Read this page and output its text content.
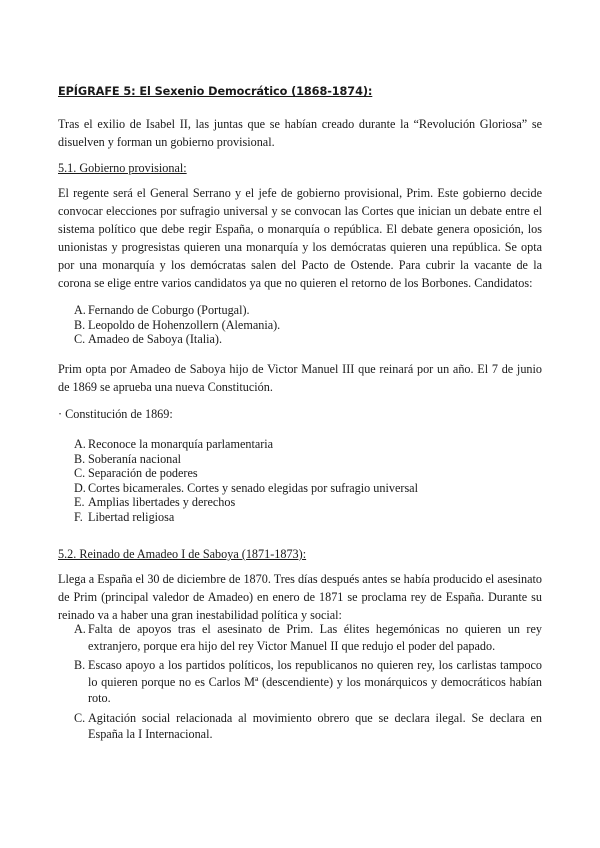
EPÍGRAFE 5: El Sexenio Democrático (1868-1874):

Tras el exilio de Isabel II, las juntas que se habían creado durante la “Revolución Gloriosa” se disuelven y forman un gobierno provisional.

5.1. Gobierno provisional:

El regente será el General Serrano y el jefe de gobierno provisional, Prim. Este gobierno decide convocar elecciones por sufragio universal y se convocan las Cortes que inician un debate entre el sistema político que debe regir España, o monarquía o república. El debate genera oposición, los unionistas y progresistas quieren una monarquía y los demócratas quieren una república. Se opta por una monarquía y los demócratas salen del Pacto de Ostende. Para cubrir la vacante de la corona se elige entre varios candidatos ya que no quieren el retorno de los Borbones. Candidatos:

A. Fernando de Coburgo (Portugal).
B. Leopoldo de Hohenzollern (Alemania).
C. Amadeo de Saboya (Italia).

Prim opta por Amadeo de Saboya hijo de Victor Manuel III que reinará por un año. El 7 de junio de 1869 se aprueba una nueva Constitución.

· Constitución de 1869:
A. Reconoce la monarquía parlamentaria
B. Soberanía nacional
C. Separación de poderes
D. Cortes bicamerales. Cortes y senado elegidas por sufragio universal
E. Amplias libertades y derechos
F. Libertad religiosa
5.2. Reinado de Amadeo I de Saboya (1871-1873):

Llega a España el 30 de diciembre de 1870. Tres días después antes se había producido el asesinato de Prim (principal valedor de Amadeo) en enero de 1871 se proclama rey de España. Durante su reinado va a haber una gran inestabilidad política y social:

A. Falta de apoyos tras el asesinato de Prim. Las élites hegemónicas no quieren un rey extranjero, porque era hijo del rey Victor Manuel II que redujo el poder del papado.
B. Escaso apoyo a los partidos políticos, los republicanos no quieren rey, los carlistas tampoco lo quieren porque no es Carlos Mª (descendiente) y los monárquicos y democráticos habían roto.
C. Agitación social relacionada al movimiento obrero que se declara ilegal. Se declara en España la I Internacional.
